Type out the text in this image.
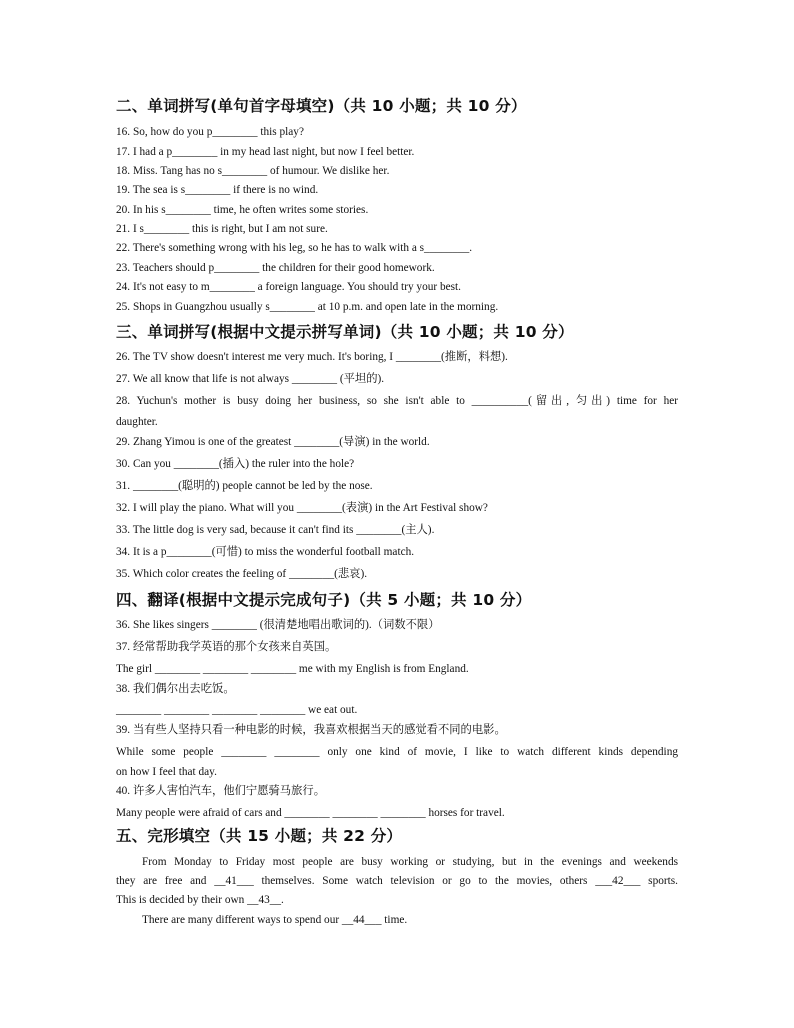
二、单词拼写(单句首字母填空)（共 10 小题；共 10 分）
16. So, how do you p________ this play?
17. I had a p________ in my head last night, but now I feel better.
18. Miss. Tang has no s________ of humour. We dislike her.
19. The sea is s________ if there is no wind.
20. In his s________ time, he often writes some stories.
21. I s________ this is right, but I am not sure.
22. There's something wrong with his leg, so he has to walk with a s________.
23. Teachers should p________ the children for their good homework.
24. It's not easy to m________ a foreign language. You should try your best.
25. Shops in Guangzhou usually s________ at 10 p.m. and open late in the morning.
三、单词拼写(根据中文提示拼写单词)（共 10 小题；共 10 分）
26. The TV show doesn't interest me very much. It's boring, I ________(推断，料想).
27. We all know that life is not always ________ (平坦的).
28. Yuchun's mother is busy doing her business, so she isn't able to __________(留出, 匀出) time for her
daughter.
29. Zhang Yimou is one of the greatest ________(导演) in the world.
30. Can you ________(插入) the ruler into the hole?
31. ________(聪明的) people cannot be led by the nose.
32. I will play the piano. What will you ________(表演) in the Art Festival show?
33. The little dog is very sad, because it can't find its ________(主人).
34. It is a p________(可惜) to miss the wonderful football match.
35. Which color creates the feeling of ________(悲哀).
四、翻译(根据中文提示完成句子)（共 5 小题；共 10 分）
36. She likes singers ________ (很清楚地唱出歌词的).（词数不限）
37. 经常帮助我学英语的那个女孩来自英国。
The girl ________ ________ ________ me with my English is from England.
38. 我们偶尔出去吃饭。
________ ________ ________ ________ we eat out.
39. 当有些人坚持只看一种电影的时候，我喜欢根据当天的感觉看不同的电影。
While some people ________ ________ only one kind of movie, I like to watch different kinds depending
on how I feel that day.
40. 许多人害怕汽车，他们宁愿骑马旅行。
Many people were afraid of cars and ________ ________ ________ horses for travel.
五、完形填空（共 15 小题；共 22 分）
From Monday to Friday most people are busy working or studying, but in the evenings and weekends
they are free and __41___ themselves. Some watch television or go to the movies, others ___42___ sports.
This is decided by their own __43__.
There are many different ways to spend our __44___ time.
